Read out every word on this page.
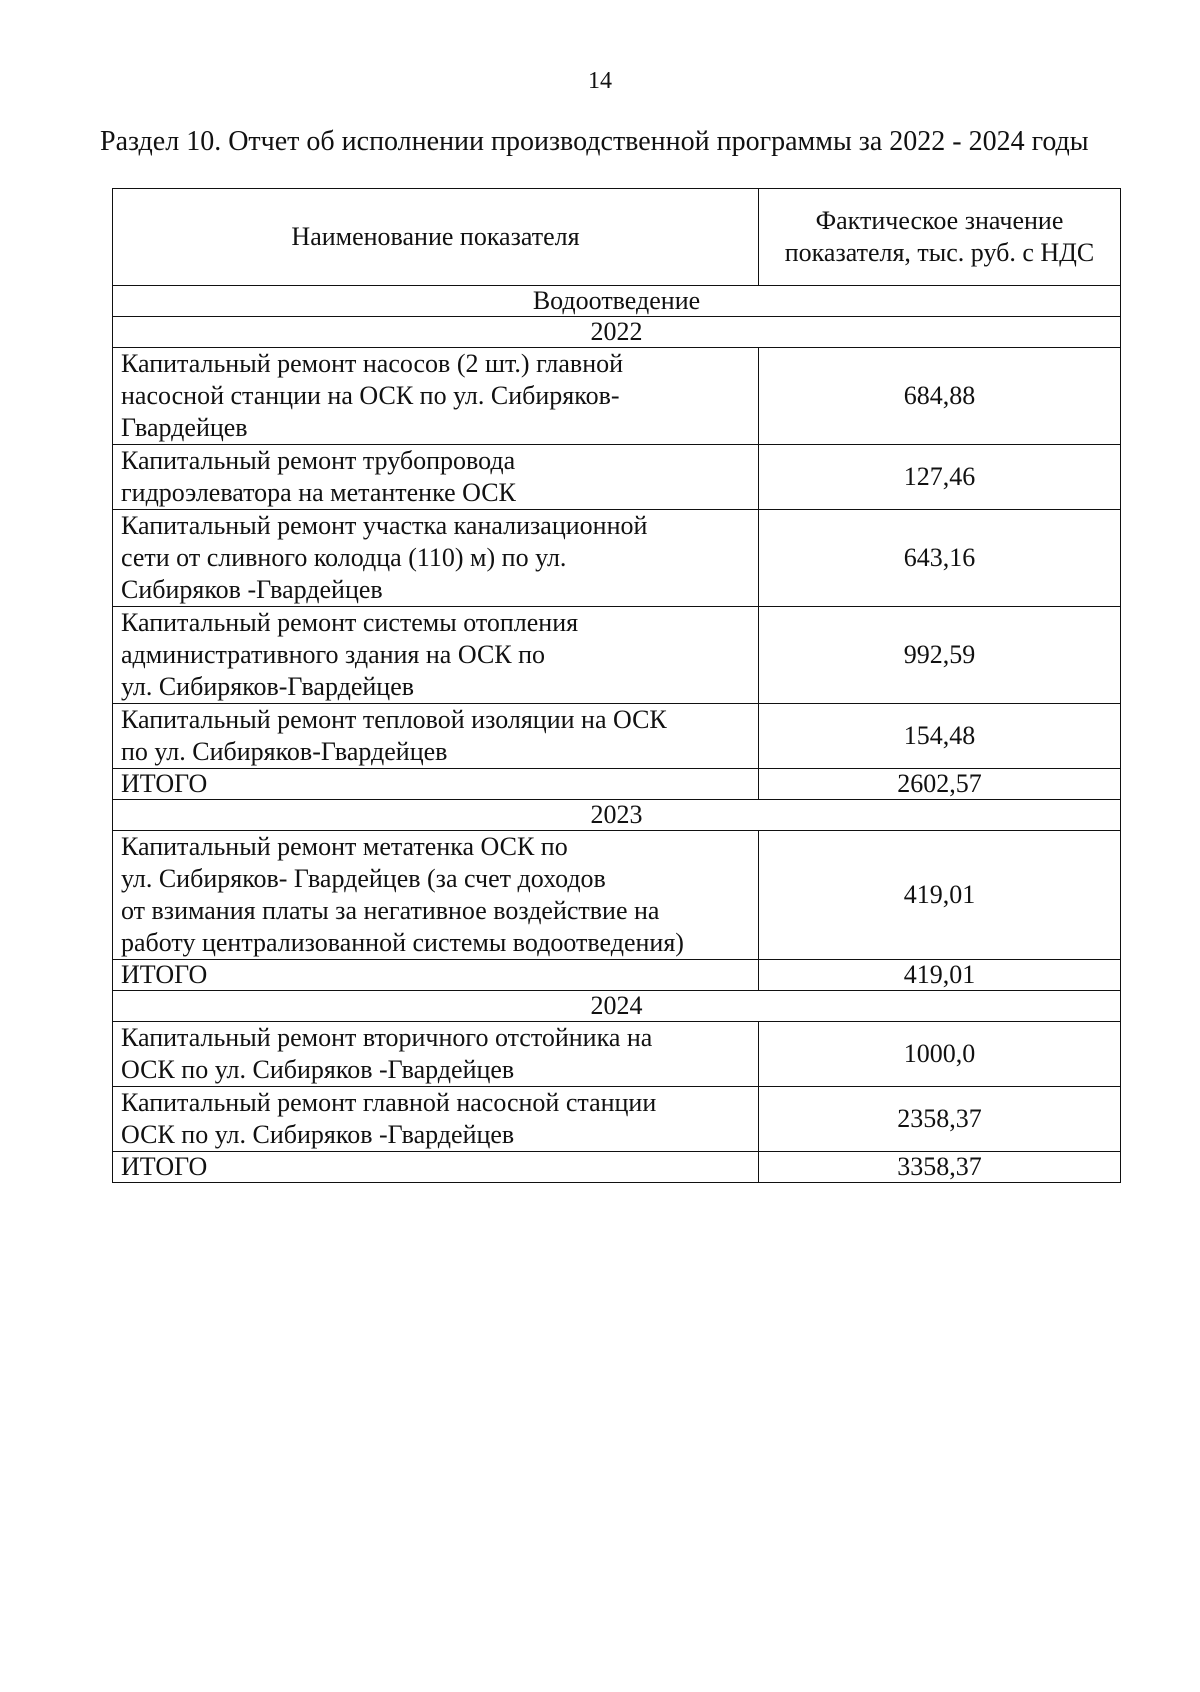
14
Раздел 10. Отчет об исполнении производственной программы за 2022 - 2024 годы
Наименование показателя	Фактическое значение показателя, тыс. руб. с НДС
Водоотведение	
2022	
Капитальный ремонт насосов (2 шт.) главной
насосной станции на ОСК по ул. Сибиряков-
Гвардейцев	684,88
Капитальный ремонт трубопровода
гидроэлеватора на метантенке ОСК	127,46
Капитальный ремонт участка канализационной
сети от сливного колодца (110) м) по ул.
Сибиряков -Гвардейцев	643,16
Капитальный ремонт системы отопления
административного здания на ОСК по
ул. Сибиряков-Гвардейцев	992,59
Капитальный ремонт тепловой изоляции на ОСК
по ул. Сибиряков-Гвардейцев	154,48
ИТОГО	2602,57
2023	
Капитальный ремонт метатенка ОСК по
ул. Сибиряков- Гвардейцев (за счет доходов
от взимания платы за негативное воздействие на
работу централизованной системы водоотведения)	419,01
ИТОГО	419,01
2024	
Капитальный ремонт вторичного отстойника на
ОСК по ул. Сибиряков -Гвардейцев	1000,0
Капитальный ремонт главной насосной станции
ОСК по ул. Сибиряков -Гвардейцев	2358,37
ИТОГО	3358,37
